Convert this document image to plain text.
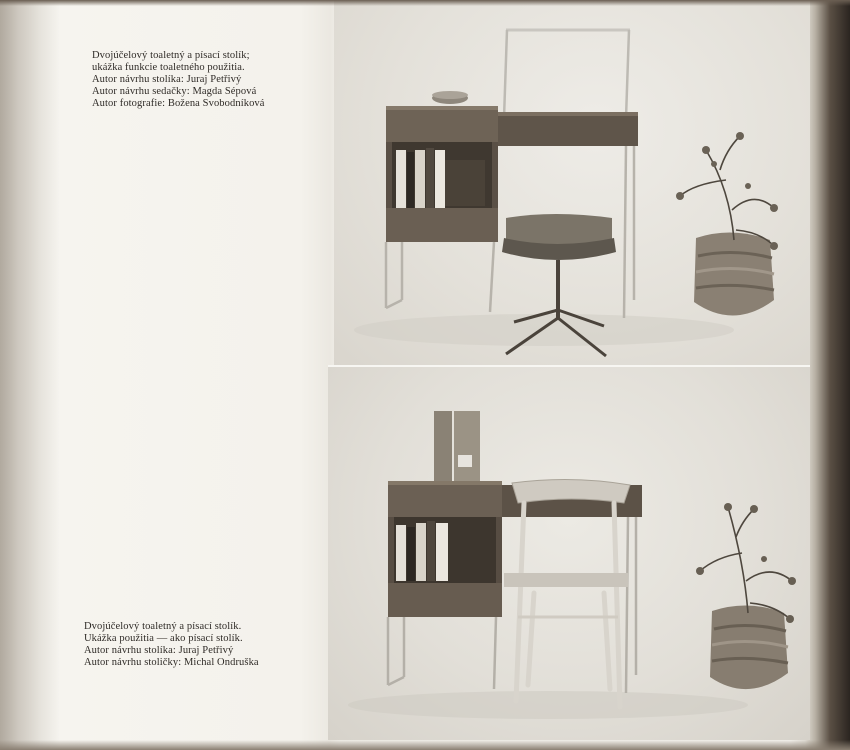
Dvojúčelový toaletný a písací stolík;
ukážka funkcie toaletného použitia.
Autor návrhu stolíka: Juraj Petřivý
Autor návrhu sedačky: Magda Sépová
Autor fotografie: Božena Svobodníková
Dvojúčelový toaletný a písací stolík.
Ukážka použitia — ako písací stolík.
Autor návrhu stolíka: Juraj Petřivý
Autor návrhu stoličky: Michal Ondruška
